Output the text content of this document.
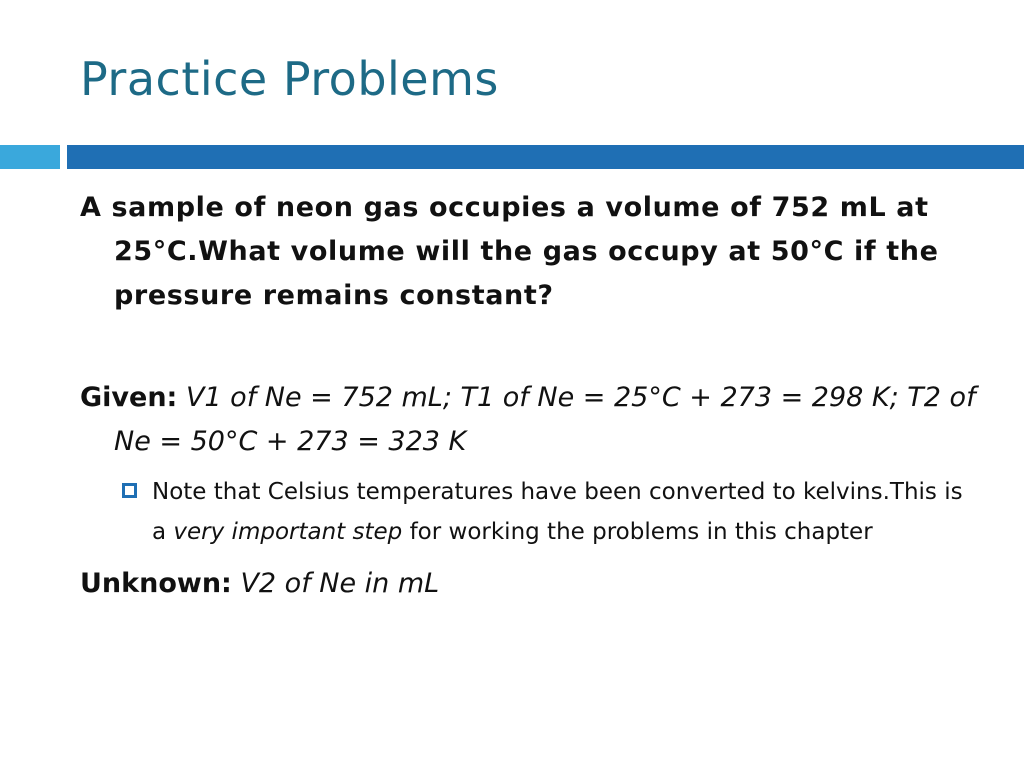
Practice Problems

A sample of neon gas occupies a volume of 752 mL at 25°C.What volume will the gas occupy at 50°C if the pressure remains constant?

Given: V1 of Ne = 752 mL; T1 of Ne = 25°C + 273 = 298 K; T2 of Ne = 50°C + 273 = 323 K

Note that Celsius temperatures have been converted to kelvins.This is a very important step for working the problems in this chapter

Unknown: V2 of Ne in mL
